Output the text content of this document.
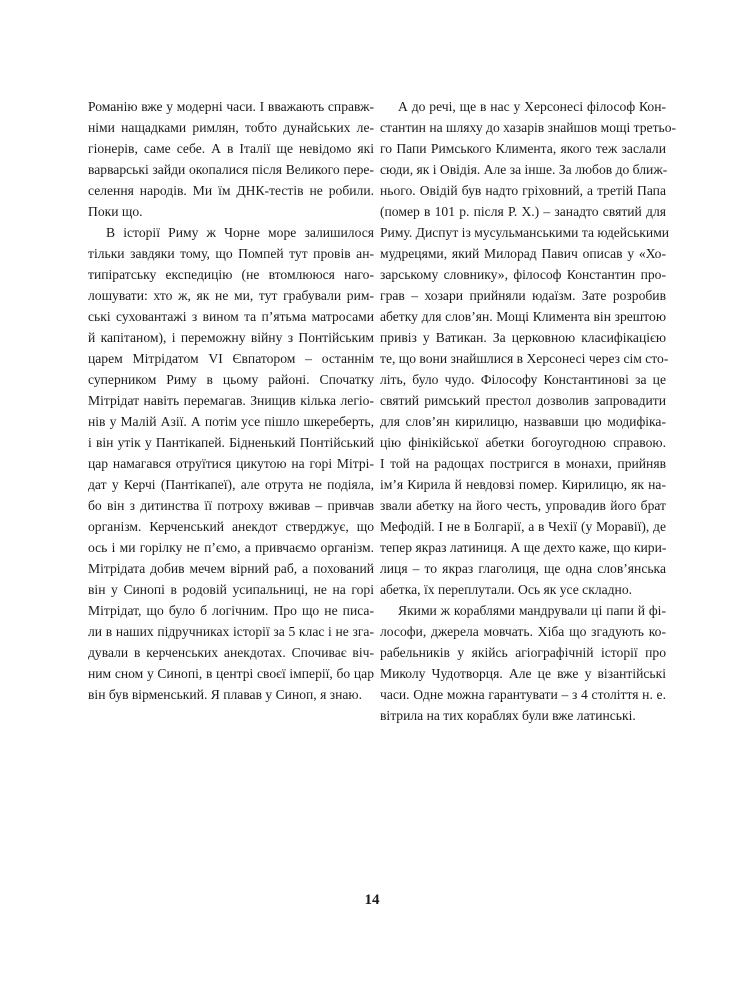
Романію вже у модерні часи. І вважають справж-
німи нащадками римлян, тобто дунайських ле-
гіонерів, саме себе. А в Італії ще невідомо які
варварські зайди окопалися після Великого пере-
селення народів. Ми їм ДНК-тестів не робили.
Поки що.
В історії Риму ж Чорне море залишилося
тільки завдяки тому, що Помпей тут провів ан-
типіратську експедицію (не втомлююся наго-
лошувати: хто ж, як не ми, тут грабували рим-
ські суховантажі з вином та п’ятьма матросами
й капітаном), і переможну війну з Понтійським
царем Мітрідатом VI Євпатором – останнім
суперником Риму в цьому районі. Спочатку
Мітрідат навіть перемагав. Знищив кілька легіо-
нів у Малій Азії. А потім усе пішло шкереберть,
і він утік у Пантікапей. Бідненький Понтійський
цар намагався отруїтися цикутою на горі Мітрі-
дат у Керчі (Пантікапеї), але отрута не подіяла,
бо він з дитинства її потроху вживав – привчав
організм. Керченський анекдот стверджує, що
ось і ми горілку не п’ємо, а привчаємо організм.
Мітрідата добив мечем вірний раб, а похований
він у Синопі в родовій усипальниці, не на горі
Мітрідат, що було б логічним. Про що не писа-
ли в наших підручниках історії за 5 клас і не зга-
дували в керченських анекдотах. Спочиває віч-
ним сном у Синопі, в центрі своєї імперії, бо цар
він був вірменський. Я плавав у Синоп, я знаю.
А до речі, ще в нас у Херсонесі філософ Кон-
стантин на шляху до хазарів знайшов мощі третьо-
го Папи Римського Климента, якого теж заслали
сюди, як і Овідія. Але за інше. За любов до ближ-
нього. Овідій був надто гріховний, а третій Папа
(помер в 101 р. після Р. Х.) – занадто святий для
Риму. Диспут із мусульманськими та юдейськими
мудрецями, який Милорад Павич описав у «Хо-
зарському словнику», філософ Константин про-
грав – хозари прийняли юдаїзм. Зате розробив
абетку для слов’ян. Мощі Климента він зрештою
привіз у Ватикан. За церковною класифікацією
те, що вони знайшлися в Херсонесі через сім сто-
літь, було чудо. Філософу Константинові за це
святий римський престол дозволив запровадити
для слов’ян кирилицю, назвавши цю модифіка-
цію фінікійської абетки богоугодною справою.
І той на радощах постригся в монахи, прийняв
ім’я Кирила й невдовзі помер. Кирилицю, як на-
звали абетку на його честь, упровадив його брат
Мефодій. І не в Болгарії, а в Чехії (у Моравії), де
тепер якраз латиниця. А ще дехто каже, що кири-
лиця – то якраз глаголиця, ще одна слов’янська
абетка, їх переплутали. Ось як усе складно.
Якими ж кораблями мандрували ці папи й фі-
лософи, джерела мовчать. Хіба що згадують ко-
рабельників у якійсь агіографічній історії про
Миколу Чудотворця. Але це вже у візантійські
часи. Одне можна гарантувати – з 4 століття н. е.
вітрила на тих кораблях були вже латинські.
14
